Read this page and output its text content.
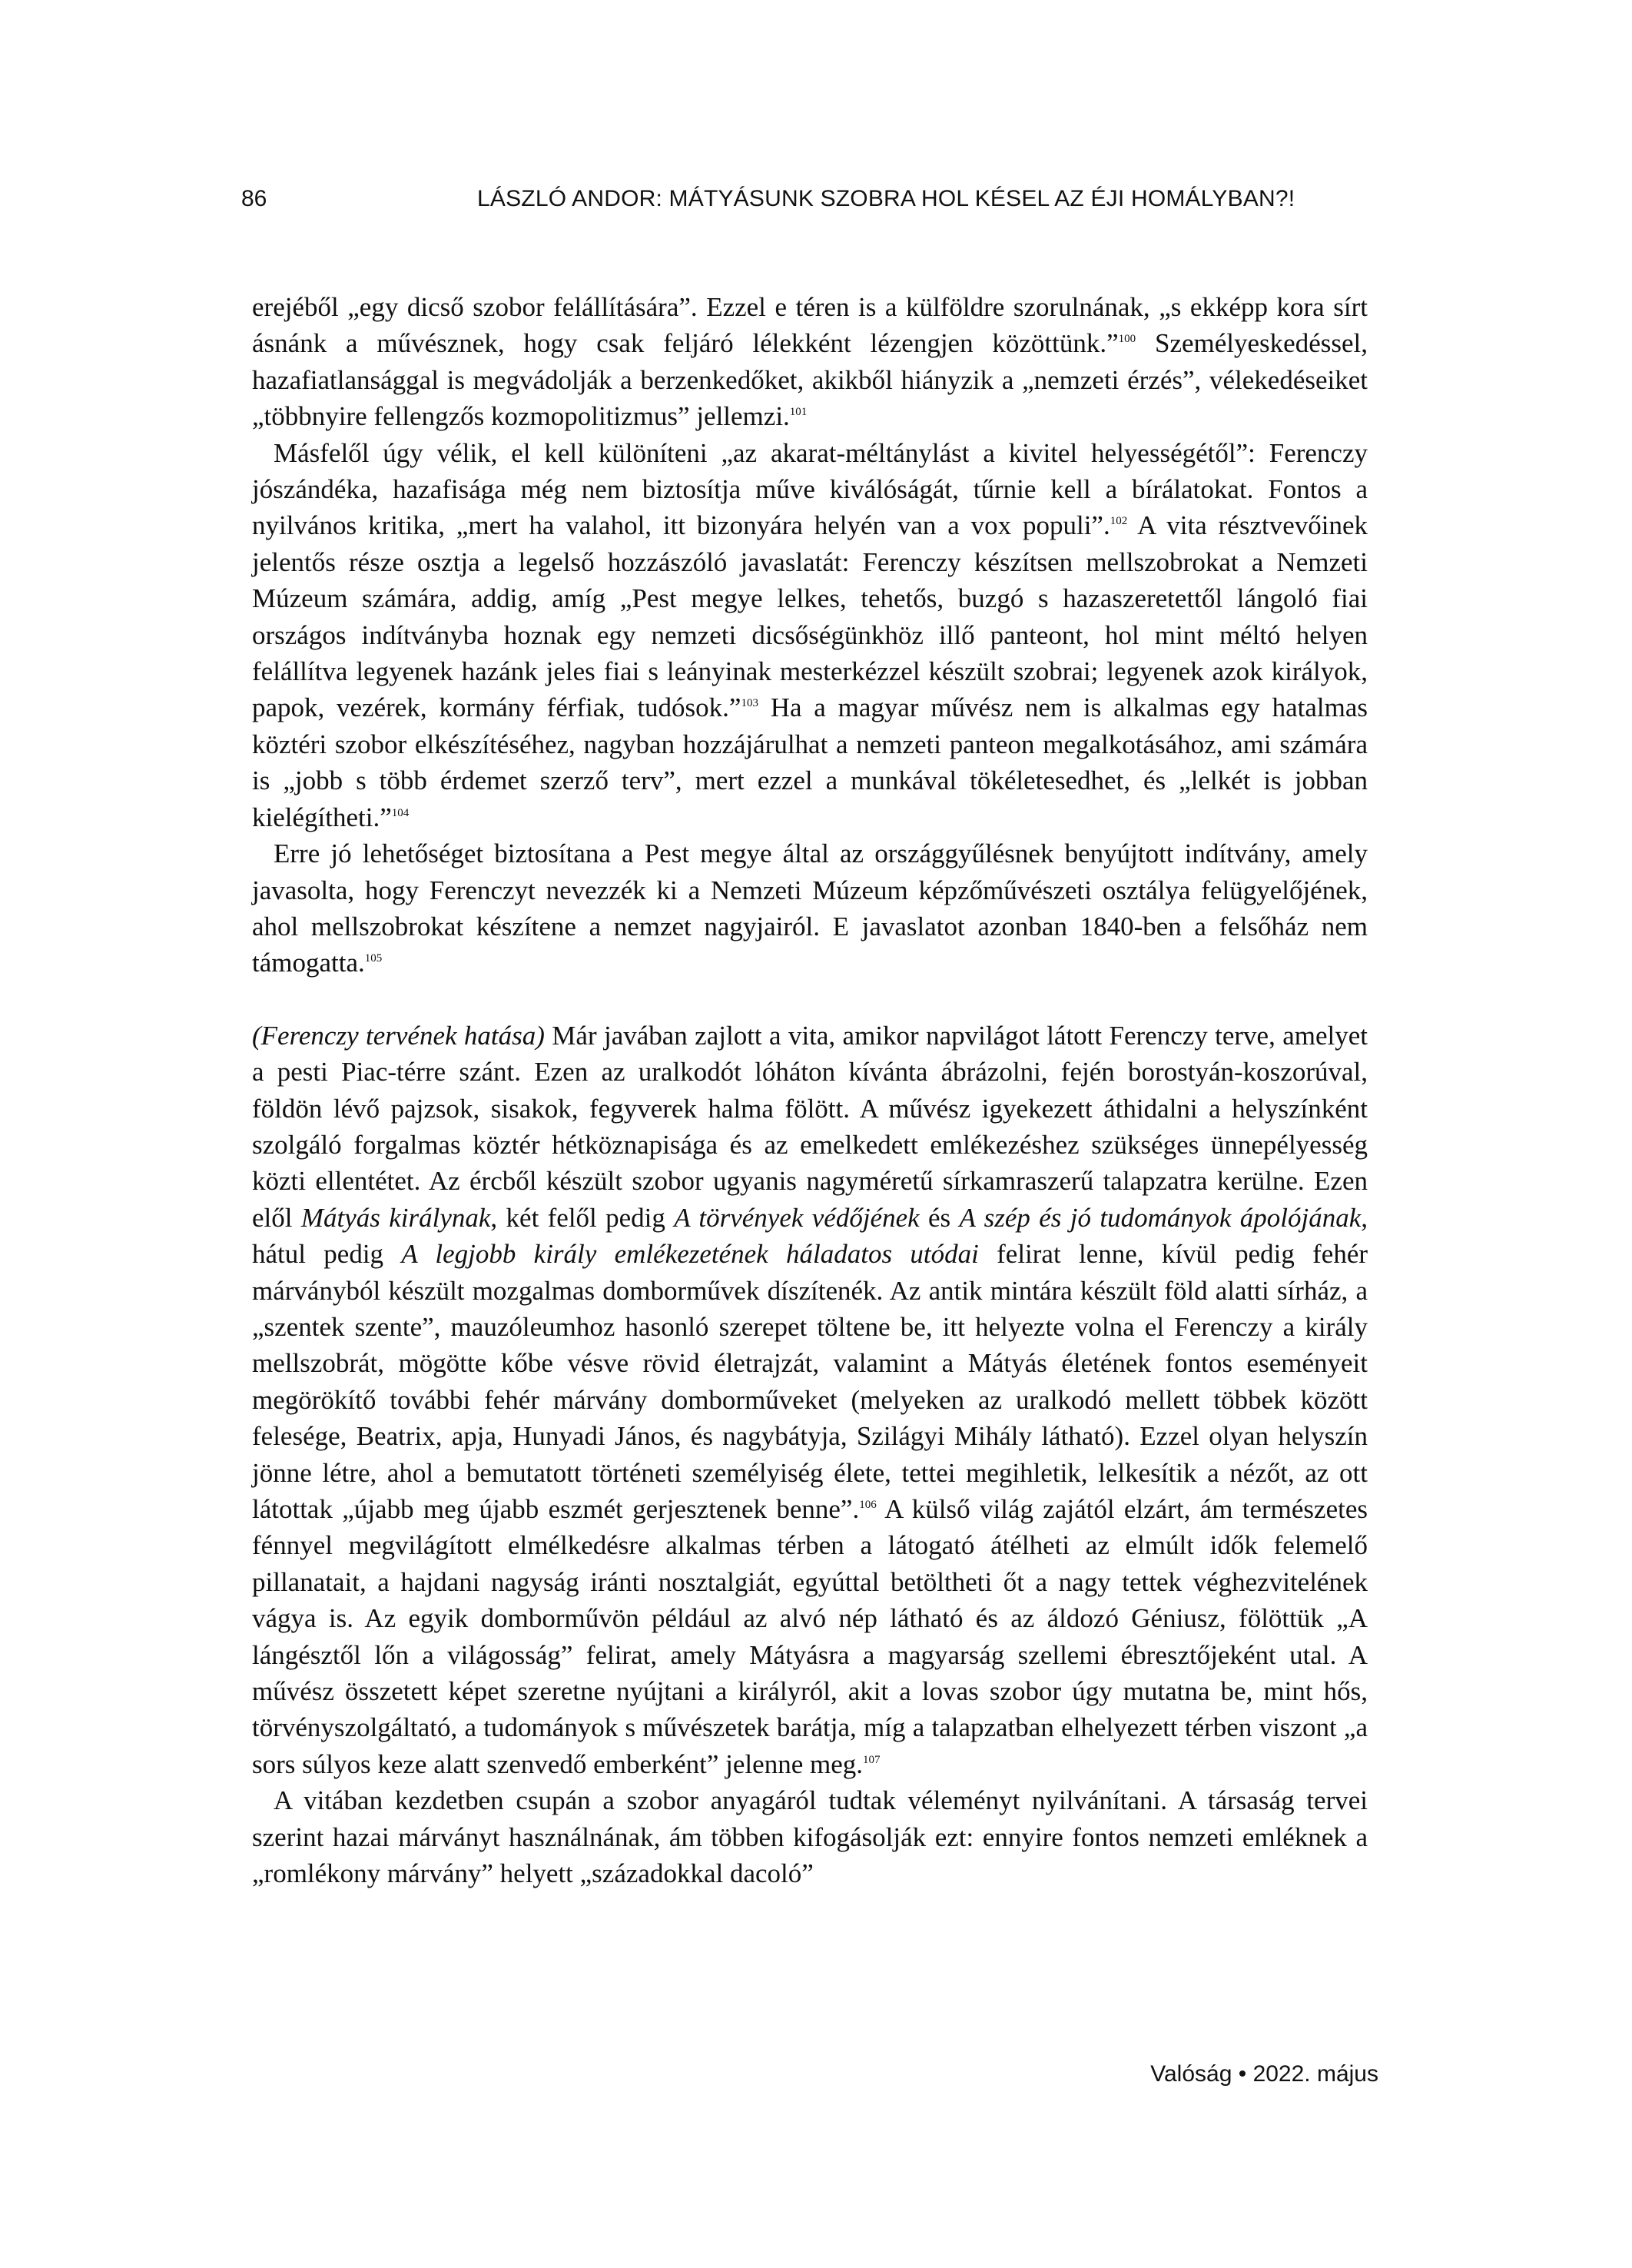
86	LÁSZLÓ ANDOR: MÁTYÁSUNK SZOBRA HOL KÉSEL AZ ÉJI HOMÁLYBAN?!

erejéből „egy dicső szobor felállítására”. Ezzel e téren is a külföldre szorulnának, „s ekképp kora sírt ásnánk a művésznek, hogy csak feljáró lélekként lézengjen közöttünk.”$^{100}$ Személyeskedéssel, hazafiatlansággal is megvádolják a berzenkedőket, akikből hiányzik a „nemzeti érzés”, vélekedéseiket „többnyire fellengzős kozmopolitizmus” jellemzi.$^{101}$

Másfelől úgy vélik, el kell különíteni „az akarat-méltánylást a kivitel helyességétől”: Ferenczy jószándéka, hazafisága még nem biztosítja műve kiválóságát, tűrnie kell a bírálatokat. Fontos a nyilvános kritika, „mert ha valahol, itt bizonyára helyén van a vox populi”.$^{102}$ A vita résztvevőinek jelentős része osztja a legelső hozzászóló javaslatát: Ferenczy készítsen mellszobrokat a Nemzeti Múzeum számára, addig, amíg „Pest megye lelkes, tehetős, buzgó s hazaszeretettől lángoló fiai országos indítványba hoznak egy nemzeti dicsőségünkhöz illő panteont, hol mint méltó helyen felállítva legyenek hazánk jeles fiai s leányinak mesterkézzel készült szobrai; legyenek azok királyok, papok, vezérek, kormány férfiak, tudósok.”$^{103}$ Ha a magyar művész nem is alkalmas egy hatalmas köztéri szobor elkészítéséhez, nagyban hozzájárulhat a nemzeti panteon megalkotásához, ami számára is „jobb s több érdemet szerző terv”, mert ezzel a munkával tökéletesedhet, és „lelkét is jobban kielégítheti.”$^{104}$

Erre jó lehetőséget biztosítana a Pest megye által az országgyűlésnek benyújtott indítvány, amely javasolta, hogy Ferenczyt nevezzék ki a Nemzeti Múzeum képzőművészeti osztálya felügyelőjének, ahol mellszobrokat készítene a nemzet nagyjairól. E javaslatot azonban 1840-ben a felsőház nem támogatta.$^{105}$

(Ferenczy tervének hatása) Már javában zajlott a vita, amikor napvilágot látott Ferenczy terve, amelyet a pesti Piac-térre szánt. Ezen az uralkodót lóháton kívánta ábrázolni, fején borostyán-koszorúval, földön lévő pajzsok, sisakok, fegyverek halma fölött. A művész igyekezett áthidalni a helyszínként szolgáló forgalmas köztér hétköznapisága és az emelkedett emlékezéshez szükséges ünnepélyesség közti ellentétet. Az ércből készült szobor ugyanis nagyméretű sírkamraszerű talapzatra kerülne. Ezen elől Mátyás királynak, két felől pedig A törvények védőjének és A szép és jó tudományok ápolójának, hátul pedig A legjobb király emlékezetének háladatos utódai felirat lenne, kívül pedig fehér márványból készült mozgalmas domborművek díszítenék. Az antik mintára készült föld alatti sírház, a „szentek szente”, mauzóleumhoz hasonló szerepet töltene be, itt helyezte volna el Ferenczy a király mellszobrát, mögötte kőbe vésve rövid életrajzát, valamint a Mátyás életének fontos eseményeit megörökítő további fehér márvány domborműveket (melyeken az uralkodó mellett többek között felesége, Beatrix, apja, Hunyadi János, és nagybátyja, Szilágyi Mihály látható). Ezzel olyan helyszín jönne létre, ahol a bemutatott történeti személyiség élete, tettei megihletik, lelkesítik a nézőt, az ott látottak „újabb meg újabb eszmét gerjesztenek benne”.$^{106}$ A külső világ zajától elzárt, ám természetes fénnyel megvilágított elmélkedésre alkalmas térben a látogató átélheti az elmúlt idők felemelő pillanatait, a hajdani nagyság iránti nosztalgiát, egyúttal betöltheti őt a nagy tettek véghezvitelének vágya is. Az egyik domborművön például az alvó nép látható és az áldozó Géniusz, fölöttük „A lángésztől lőn a világosság” felirat, amely Mátyásra a magyarság szellemi ébresztőjeként utal. A művész összetett képet szeretne nyújtani a királyról, akit a lovas szobor úgy mutatna be, mint hős, törvényszolgáltató, a tudományok s művészetek barátja, míg a talapzatban elhelyezett térben viszont „a sors súlyos keze alatt szenvedő emberként” jelenne meg.$^{107}$

A vitában kezdetben csupán a szobor anyagáról tudtak véleményt nyilvánítani. A társaság tervei szerint hazai márványt használnának, ám többen kifogásolják ezt: ennyire fontos nemzeti emléknek a „romlékony márvány” helyett „századokkal dacoló”

Valóság • 2022. május
